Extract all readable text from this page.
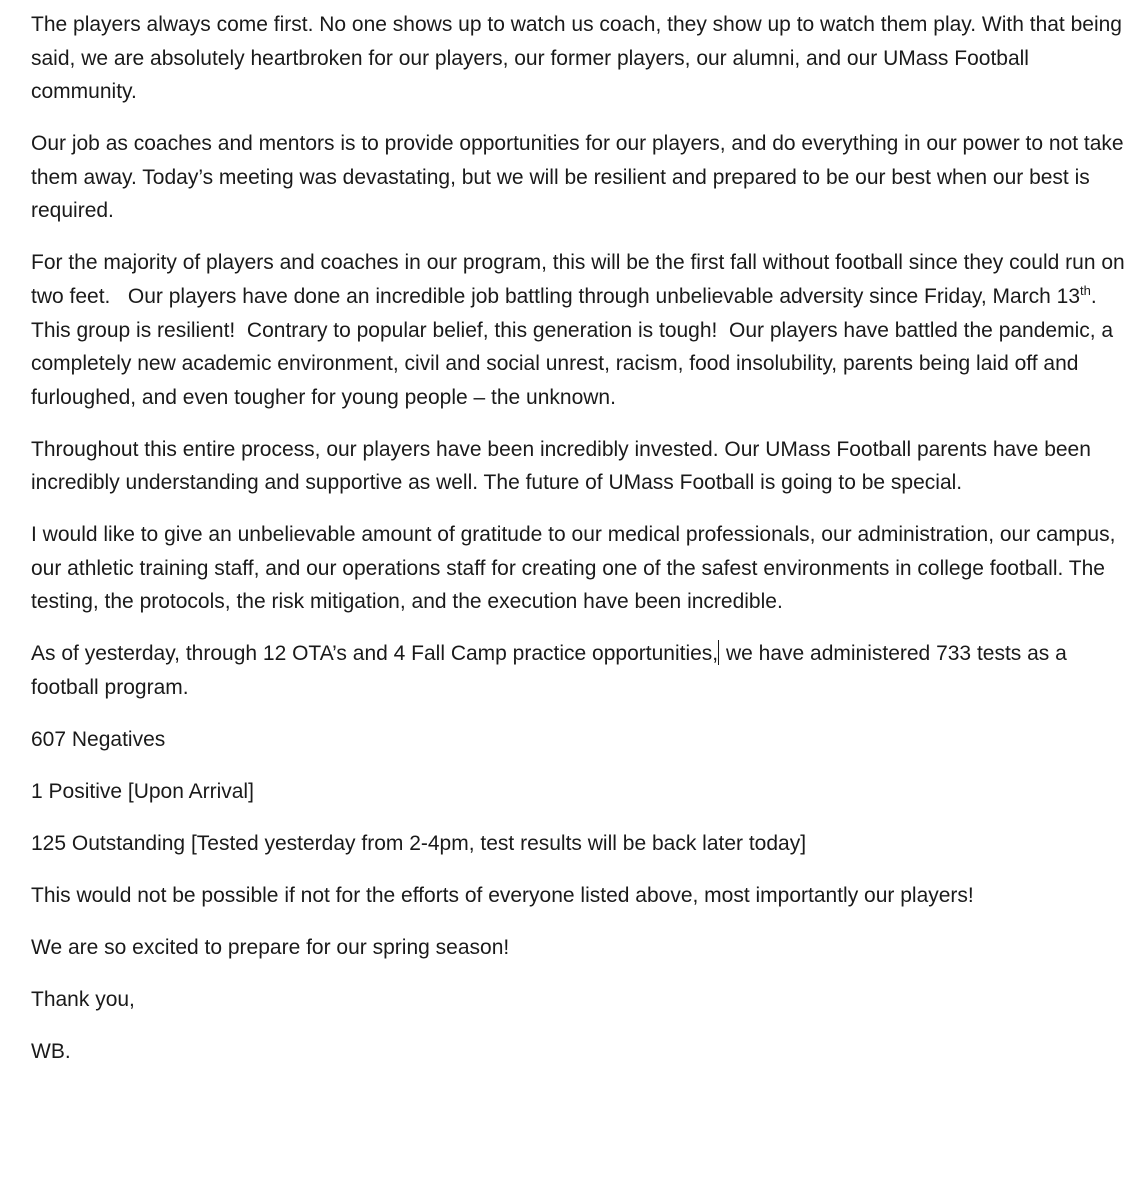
The players always come first. No one shows up to watch us coach, they show up to watch them play. With that being said, we are absolutely heartbroken for our players, our former players, our alumni, and our UMass Football community.

Our job as coaches and mentors is to provide opportunities for our players, and do everything in our power to not take them away. Today’s meeting was devastating, but we will be resilient and prepared to be our best when our best is required.

For the majority of players and coaches in our program, this will be the first fall without football since they could run on two feet.   Our players have done an incredible job battling through unbelievable adversity since Friday, March 13th.  This group is resilient!  Contrary to popular belief, this generation is tough!  Our players have battled the pandemic, a completely new academic environment, civil and social unrest, racism, food insolubility, parents being laid off and furloughed, and even tougher for young people – the unknown.

Throughout this entire process, our players have been incredibly invested. Our UMass Football parents have been incredibly understanding and supportive as well. The future of UMass Football is going to be special.

I would like to give an unbelievable amount of gratitude to our medical professionals, our administration, our campus, our athletic training staff, and our operations staff for creating one of the safest environments in college football. The testing, the protocols, the risk mitigation, and the execution have been incredible.

As of yesterday, through 12 OTA’s and 4 Fall Camp practice opportunities, we have administered 733 tests as a football program.

607 Negatives

1 Positive [Upon Arrival]

125 Outstanding [Tested yesterday from 2-4pm, test results will be back later today]

This would not be possible if not for the efforts of everyone listed above, most importantly our players!

We are so excited to prepare for our spring season!

Thank you,

WB.
